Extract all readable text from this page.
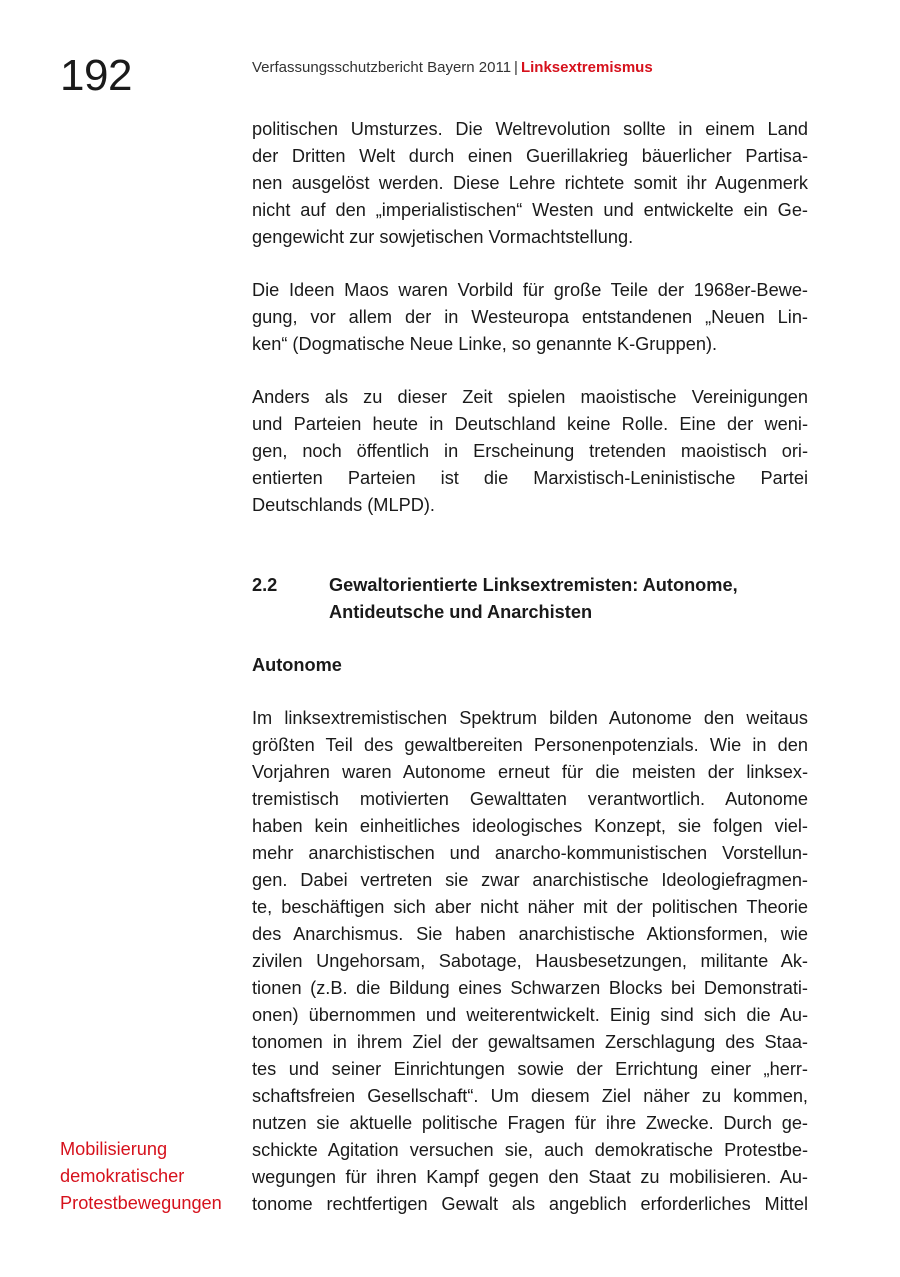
192	Verfassungsschutzbericht Bayern 2011 | Linksextremismus

politischen Umsturzes. Die Weltrevolution sollte in einem Land
der Dritten Welt durch einen Guerillakrieg bäuerlicher Partisa-
nen ausgelöst werden. Diese Lehre richtete somit ihr Augenmerk
nicht auf den „imperialistischen“ Westen und entwickelte ein Ge-
gengewicht zur sowjetischen Vormachtstellung.

Die Ideen Maos waren Vorbild für große Teile der 1968er-Bewe-
gung, vor allem der in Westeuropa entstandenen „Neuen Lin-
ken“ (Dogmatische Neue Linke, so genannte K-Gruppen).

Anders als zu dieser Zeit spielen maoistische Vereinigungen
und Parteien heute in Deutschland keine Rolle. Eine der weni-
gen, noch öffentlich in Erscheinung tretenden maoistisch ori-
entierten Parteien ist die Marxistisch-Leninistische Partei
Deutschlands (MLPD).

2.2	Gewaltorientierte Linksextremisten: Autonome,
Antideutsche und Anarchisten

Autonome

Im linksextremistischen Spektrum bilden Autonome den weitaus
größten Teil des gewaltbereiten Personenpotenzials. Wie in den
Vorjahren waren Autonome erneut für die meisten der linksex-
tremistisch motivierten Gewalttaten verantwortlich. Autonome
haben kein einheitliches ideologisches Konzept, sie folgen viel-
mehr anarchistischen und anarcho-kommunistischen Vorstellun-
gen. Dabei vertreten sie zwar anarchistische Ideologiefragmen-
te, beschäftigen sich aber nicht näher mit der politischen Theorie
des Anarchismus. Sie haben anarchistische Aktionsformen, wie
zivilen Ungehorsam, Sabotage, Hausbesetzungen, militante Ak-
tionen (z.B. die Bildung eines Schwarzen Blocks bei Demonstrati-
onen) übernommen und weiterentwickelt. Einig sind sich die Au-
tonomen in ihrem Ziel der gewaltsamen Zerschlagung des Staa-
tes und seiner Einrichtungen sowie der Errichtung einer „herr-
schaftsfreien Gesellschaft“. Um diesem Ziel näher zu kommen,
nutzen sie aktuelle politische Fragen für ihre Zwecke. Durch ge-
schickte Agitation versuchen sie, auch demokratische Protestbe-
wegungen für ihren Kampf gegen den Staat zu mobilisieren. Au-
tonome rechtfertigen Gewalt als angeblich erforderliches Mittel

Mobilisierung
demokratischer
Protestbewegungen
